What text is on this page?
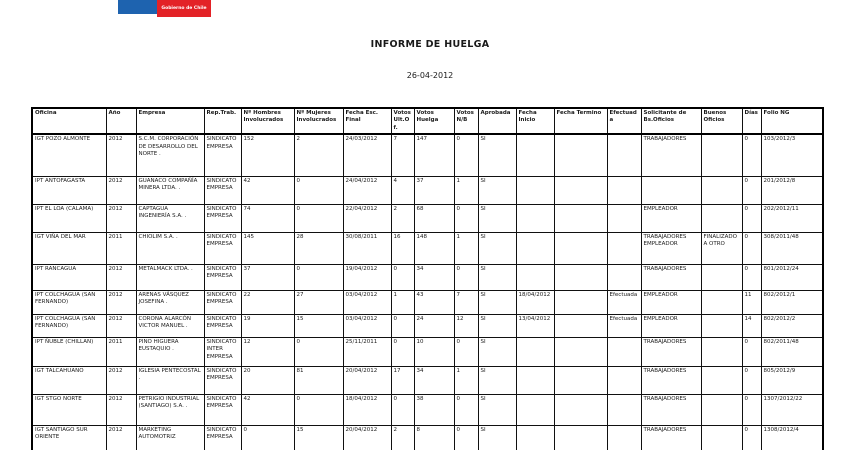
Gobierno de Chile
INFORME DE HUELGA
26-04-2012
Oficina	Año	Empresa	Rep.Trab.	Nº Hombres Involucrados	Nº Mujeres Involucrados	Fecha Esc. Final	Votos Ult.Of.	Votos Huelga	Votos N/B	Aprobada	Fecha Inicio	Fecha Termino	Efectuada	Solicitante de Bs.Oficios	Buenos Oficios	Días	Folio NG
IGT POZO ALMONTE	2012	S.C.M. CORPORACIÓN DE DESARROLLO DEL NORTE .	SINDICATO EMPRESA	152	2	24/03/2012	7	147	0	SI				TRABAJADORES		0	103/2012/3
IPT ANTOFAGASTA	2012	GUANACO COMPAÑÍA MINERA LTDA. .	SINDICATO EMPRESA	42	0	24/04/2012	4	37	1	SI						0	201/2012/8
IPT EL LOA (CALAMA)	2012	CAPTAGUA INGENIERÍA S.A. .	SINDICATO EMPRESA	74	0	22/04/2012	2	68	0	SI				EMPLEADOR		0	202/2012/11
IGT VIÑA DEL MAR	2011	CHIOLIM S.A. .	SINDICATO EMPRESA	145	28	30/08/2011	16	148	1	SI				TRABAJADORES EMPLEADOR	FINALIZADO A OTRO	0	308/2011/48
IPT RANCAGUA	2012	METALMACK LTDA. .	SINDICATO EMPRESA	37	0	19/04/2012	0	34	0	SI				TRABAJADORES		0	801/2012/24
IPT COLCHAGUA (SAN FERNANDO)	2012	ARENAS VÁSQUEZ JOSEFINA .	SINDICATO EMPRESA	22	27	03/04/2012	1	43	7	SI	18/04/2012		Efectuada	EMPLEADOR		11	802/2012/1
IPT COLCHAGUA (SAN FERNANDO)	2012	CORONA ALARCÓN VICTOR MANUEL .	SINDICATO EMPRESA	19	15	03/04/2012	0	24	12	SI	13/04/2012		Efectuada	EMPLEADOR		14	802/2012/2
IPT ÑUBLE (CHILLAN)	2011	PINO HIGUERA EUSTAQUIO .	SINDICATO INTER EMPRESA	12	0	25/11/2011	0	10	0	SI				TRABAJADORES		0	802/2011/48
IGT TALCAHUANO	2012	IGLESIA PENTECOSTAL .	SINDICATO EMPRESA	20	81	20/04/2012	17	34	1	SI				TRABAJADORES		0	805/2012/9
IGT STGO NORTE	2012	PETRIGIO INDUSTRIAL (SANTIAGO) S.A. .	SINDICATO EMPRESA	42	0	18/04/2012	0	38	0	SI				TRABAJADORES		0	1307/2012/22
IGT SANTIAGO SUR ORIENTE	2012	MARKETING AUTOMOTRIZ	SINDICATO EMPRESA	0	15	20/04/2012	2	8	0	SI				TRABAJADORES		0	1308/2012/4
